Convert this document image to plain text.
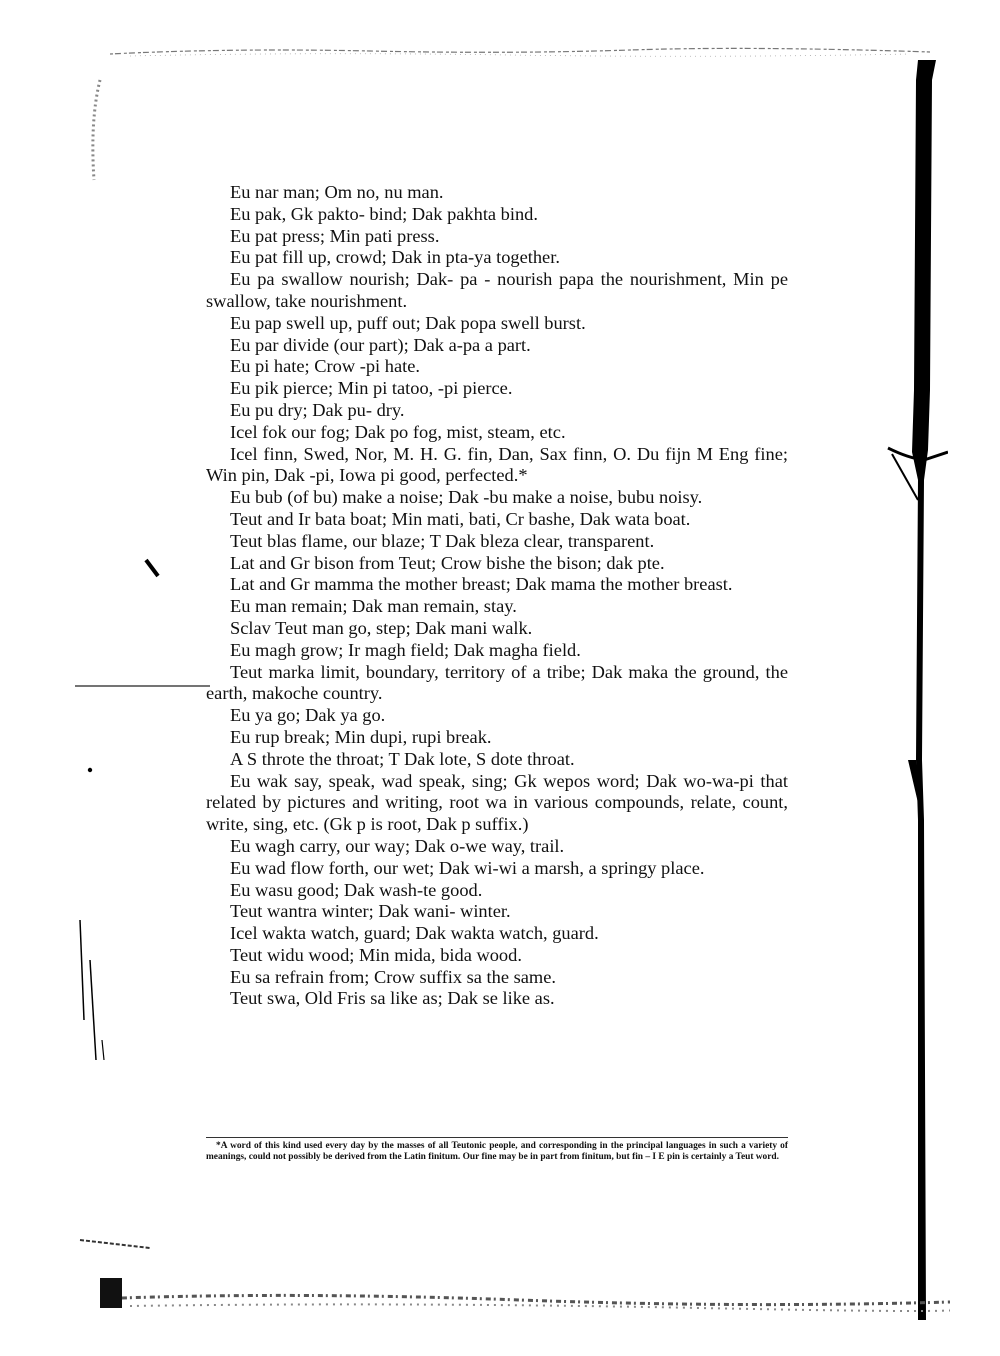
Eu nar man; Om no, nu man.

Eu pak, Gk pakto- bind; Dak pakhta bind.

Eu pat press; Min pati press.

Eu pat fill up, crowd; Dak in pta-ya together.

Eu pa swallow nourish; Dak- pa - nourish papa the nourishment, Min pe swallow, take nourishment.

Eu pap swell up, puff out; Dak popa swell burst.

Eu par divide (our part); Dak a-pa a part.

Eu pi hate; Crow -pi hate.

Eu pik pierce; Min pi tatoo, -pi pierce.

Eu pu dry; Dak pu- dry.

Icel fok our fog; Dak po fog, mist, steam, etc.

Icel finn, Swed, Nor, M. H. G. fin, Dan, Sax finn, O. Du fijn M Eng fine; Win pin, Dak -pi, Iowa pi good, perfected.*

Eu bub (of bu) make a noise; Dak -bu make a noise, bubu noisy.

Teut and Ir bata boat; Min mati, bati, Cr bashe, Dak wata boat.

Teut blas flame, our blaze; T Dak bleza clear, transparent.

Lat and Gr bison from Teut; Crow bishe the bison; dak pte.

Lat and Gr mamma the mother breast; Dak mama the mother breast.

Eu man remain; Dak man remain, stay.

Sclav Teut man go, step; Dak mani walk.

Eu magh grow; Ir magh field; Dak magha field.

Teut marka limit, boundary, territory of a tribe; Dak maka the ground, the earth, makoche country.

Eu ya go; Dak ya go.

Eu rup break; Min dupi, rupi break.

A S throte the throat; T Dak lote, S dote throat.

Eu wak say, speak, wad speak, sing; Gk wepos word; Dak wo-wa-pi that related by pictures and writing, root wa in various compounds, relate, count, write, sing, etc. (Gk p is root, Dak p suffix.)

Eu wagh carry, our way; Dak o-we way, trail.

Eu wad flow forth, our wet; Dak wi-wi a marsh, a springy place.

Eu wasu good; Dak wash-te good.

Teut wantra winter; Dak wani- winter.

Icel wakta watch, guard; Dak wakta watch, guard.

Teut widu wood; Min mida, bida wood.

Eu sa refrain from; Crow suffix sa the same.

Teut swa, Old Fris sa like as; Dak se like as.

*A word of this kind used every day by the masses of all Teutonic people, and corresponding in the principal languages in such a variety of meanings, could not possibly be derived from the Latin finitum. Our fine may be in part from finitum, but fin – I E pin is certainly a Teut word.
